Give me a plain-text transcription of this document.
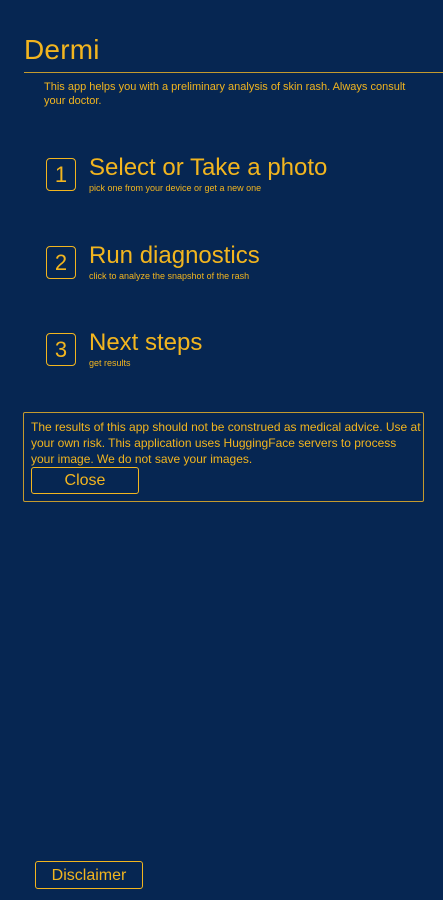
Dermi
This app helps you with a preliminary analysis of skin rash. Always consult your doctor.
1 Select or Take a photo
pick one from your device or get a new one
2 Run diagnostics
click to analyze the snapshot of the rash
3 Next steps
get results
The results of this app should not be construed as medical advice. Use at your own risk. This application uses HuggingFace servers to process your image. We do not save your images.
Close
Disclaimer
